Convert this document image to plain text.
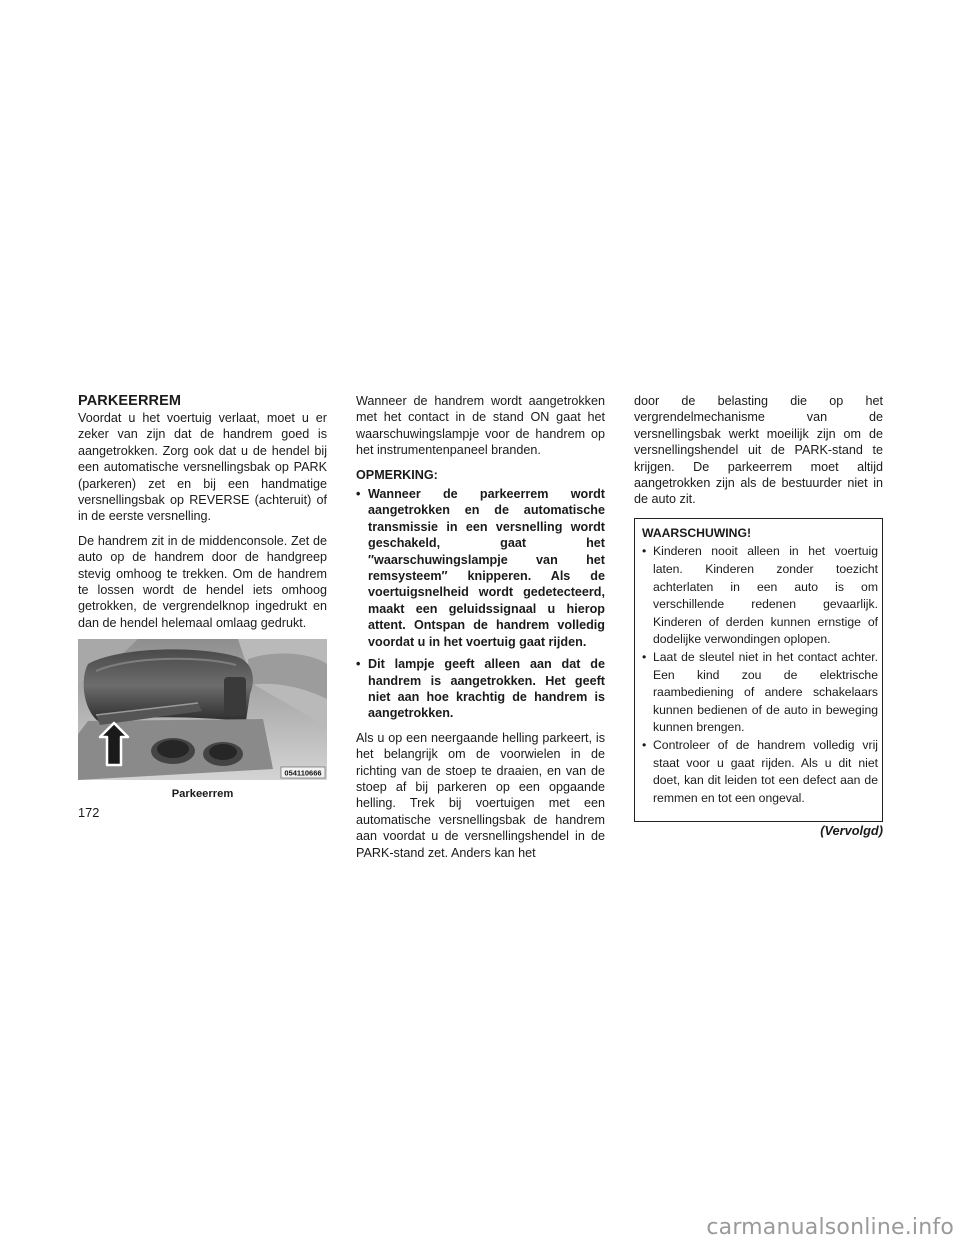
PARKEERREM

Voordat u het voertuig verlaat, moet u er zeker van zijn dat de handrem goed is aangetrokken. Zorg ook dat u de hendel bij een automatische versnellingsbak op PARK (parkeren) zet en bij een handmatige versnellingsbak op REVERSE (achteruit) of in de eerste versnelling.

De handrem zit in de middenconsole. Zet de auto op de handrem door de handgreep stevig omhoog te trekken. Om de handrem te lossen wordt de hendel iets omhoog getrokken, de vergrendelknop ingedrukt en dan de hendel helemaal omlaag gedrukt.

054110666
Parkeerrem

Wanneer de handrem wordt aangetrokken met het contact in de stand ON gaat het waarschuwingslampje voor de handrem op het instrumentenpaneel branden.

OPMERKING:
• Wanneer de parkeerrem wordt aangetrokken en de automatische transmissie in een versnelling wordt geschakeld, gaat het ″waarschuwingslampje van het remsysteem″ knipperen. Als de voertuigsnelheid wordt gedetecteerd, maakt een geluidssignaal u hierop attent. Ontspan de handrem volledig voordat u in het voertuig gaat rijden.
• Dit lampje geeft alleen aan dat de handrem is aangetrokken. Het geeft niet aan hoe krachtig de handrem is aangetrokken.

Als u op een neergaande helling parkeert, is het belangrijk om de voorwielen in de richting van de stoep te draaien, en van de stoep af bij parkeren op een opgaande helling. Trek bij voertuigen met een automatische versnellingsbak de handrem aan voordat u de versnellingshendel in de PARK-stand zet. Anders kan het

door de belasting die op het vergrendelmechanisme van de versnellingsbak werkt moeilijk zijn om de versnellingshendel uit de PARK-stand te krijgen. De parkeerrem moet altijd aangetrokken zijn als de bestuurder niet in de auto zit.

WAARSCHUWING!
• Kinderen nooit alleen in het voertuig laten. Kinderen zonder toezicht achterlaten in een auto is om verschillende redenen gevaarlijk. Kinderen of derden kunnen ernstige of dodelijke verwondingen oplopen.
• Laat de sleutel niet in het contact achter. Een kind zou de elektrische raambediening of andere schakelaars kunnen bedienen of de auto in beweging kunnen brengen.
• Controleer of de handrem volledig vrij staat voor u gaat rijden. Als u dit niet doet, kan dit leiden tot een defect aan de remmen en tot een ongeval.
(Vervolgd)
172
carmanualsonline.info
